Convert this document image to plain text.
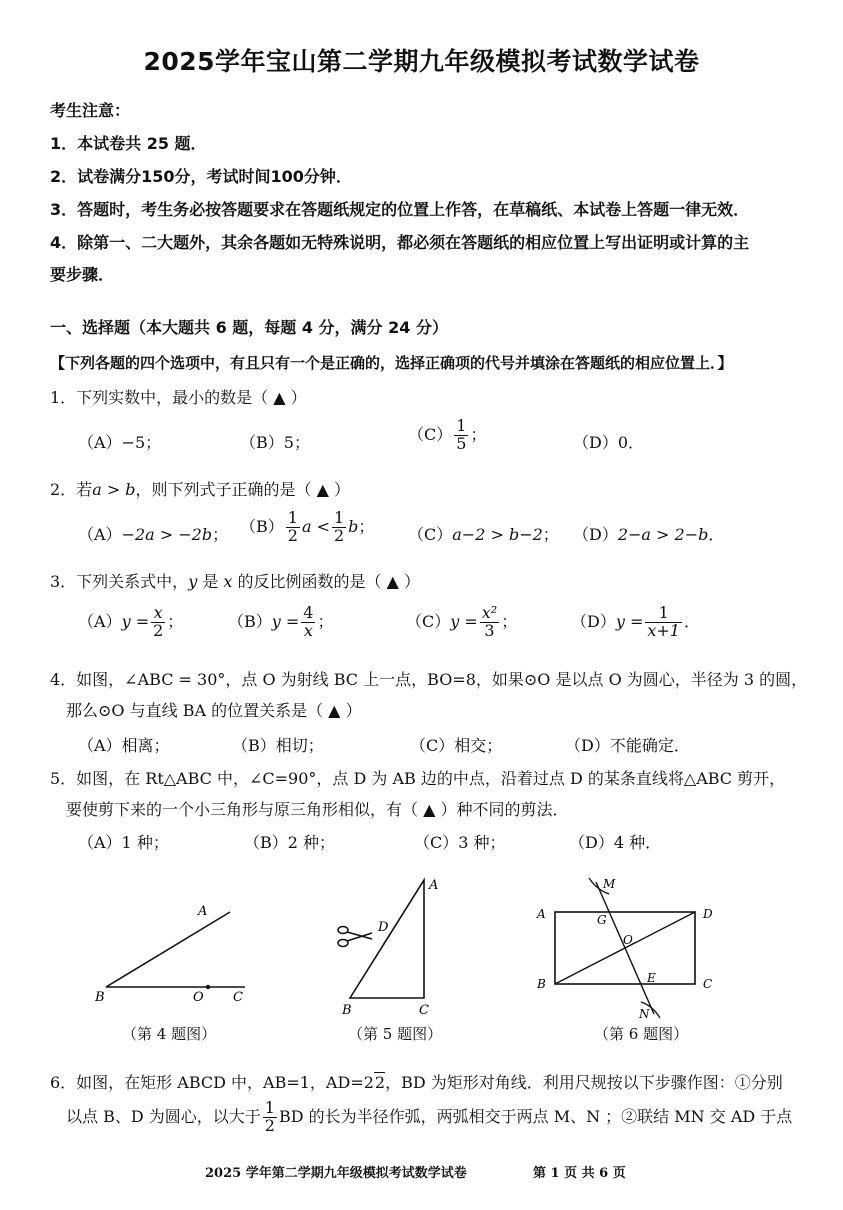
2025学年宝山第二学期九年级模拟考试数学试卷
考生注意：
1．本试卷共 25 题．
2．试卷满分150分，考试时间100分钟．
3．答题时，考生务必按答题要求在答题纸规定的位置上作答，在草稿纸、本试卷上答题一律无效．
4．除第一、二大题外，其余各题如无特殊说明，都必须在答题纸的相应位置上写出证明或计算的主
要步骤．
一、选择题（本大题共 6 题，每题 4 分，满分 24 分）
【下列各题的四个选项中，有且只有一个是正确的，选择正确项的代号并填涂在答题纸的相应位置上．】
1．下列实数中，最小的数是（ ▲ ）
（A）−5；	（B）5；	$(C) \frac{1}{5}$ ；	（D）0．
2．若a > b，则下列式子正确的是（ ▲ ）
（A）−2a > −2b； $(B) \frac{1}{2}$ $a < \frac{1}{2}$ b； （C）a−2 > b−2； （D）2−a > 2−b．
3．下列关系式中，y 是 x 的反比例函数的是（ ▲ ）
$(A)y = \frac{x}{2}$ ；	$(B)y = \frac{4}{x}$ ；	$(C)y = \frac{\text{x²}}{3}$ ；	$(D)y = \frac{1}{x+1}$ ．
4．如图，∠ABC = 30°，点 O 为射线 BC 上一点，BO=8，如果⊙O 是以点 O 为圆心，半径为 3 的圆，
那么⊙O 与直线 BA 的位置关系是（ ▲ ）
（A）相离；	（B）相切；	（C）相交；	（D）不能确定．
5．如图，在 Rt△ABC 中，∠C=90°，点 D 为 AB 边的中点，沿着过点 D 的某条直线将△ABC 剪开，
要使剪下来的一个小三角形与原三角形相似，有（ ▲ ）种不同的剪法．
（A）1 种；	（B）2 种；	（C）3 种；	（D）4 种．
A
B	O C
（第 4 题图）
A
D
B	C
（第 5 题图）
M
N
A
B	C
D
G
O
E
（第 6 题图）
6．如图，在矩形 ABCD 中，AB=1，AD=22，BD 为矩形对角线．利用尺规按以下步骤作图：①分别
以点 B、D 为圆心，以大于 $\frac{1}{2}$ BD 的长为半径作弧，两弧相交于两点 M、N ；②联结 MN 交 AD 于点
2025 学年第二学期九年级模拟考试数学试卷	第 1 页 共 6 页
